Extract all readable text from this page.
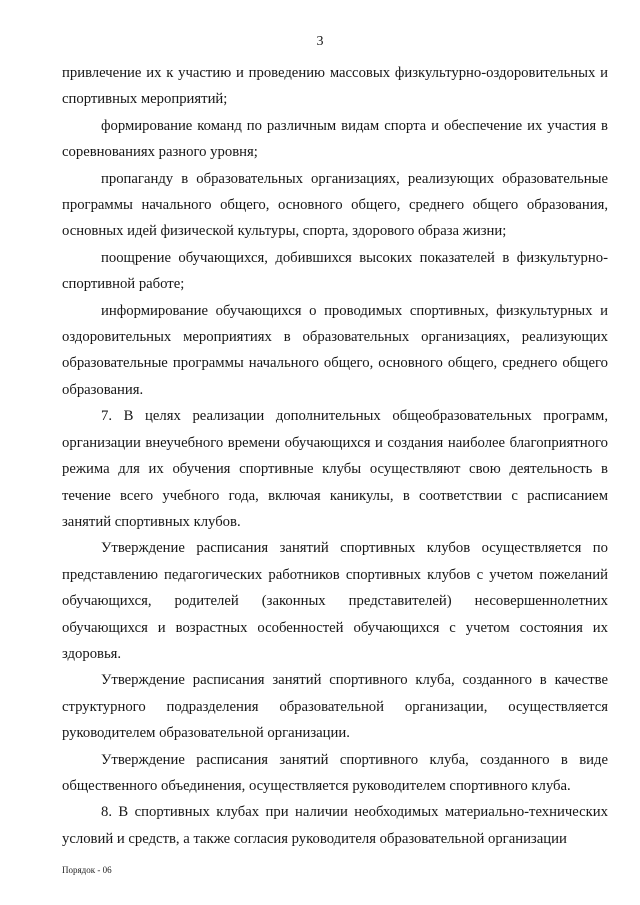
3

привлечение их к участию и проведению массовых физкультурно-оздоровительных и спортивных мероприятий;

формирование команд по различным видам спорта и обеспечение их участия в соревнованиях разного уровня;

пропаганду в образовательных организациях, реализующих образовательные программы начального общего, основного общего, среднего общего образования, основных идей физической культуры, спорта, здорового образа жизни;

поощрение обучающихся, добившихся высоких показателей в физкультурно-спортивной работе;

информирование обучающихся о проводимых спортивных, физкультурных и оздоровительных мероприятиях в образовательных организациях, реализующих образовательные программы начального общего, основного общего, среднего общего образования.

7. В целях реализации дополнительных общеобразовательных программ, организации внеучебного времени обучающихся и создания наиболее благоприятного режима для их обучения спортивные клубы осуществляют свою деятельность в течение всего учебного года, включая каникулы, в соответствии с расписанием занятий спортивных клубов.

Утверждение расписания занятий спортивных клубов осуществляется по представлению педагогических работников спортивных клубов с учетом пожеланий обучающихся, родителей (законных представителей) несовершеннолетних обучающихся и возрастных особенностей обучающихся с учетом состояния их здоровья.

Утверждение расписания занятий спортивного клуба, созданного в качестве структурного подразделения образовательной организации, осуществляется руководителем образовательной организации.

Утверждение расписания занятий спортивного клуба, созданного в виде общественного объединения, осуществляется руководителем спортивного клуба.

8. В спортивных клубах при наличии необходимых материально-технических условий и средств, а также согласия руководителя образовательной организации

Порядок - 06
